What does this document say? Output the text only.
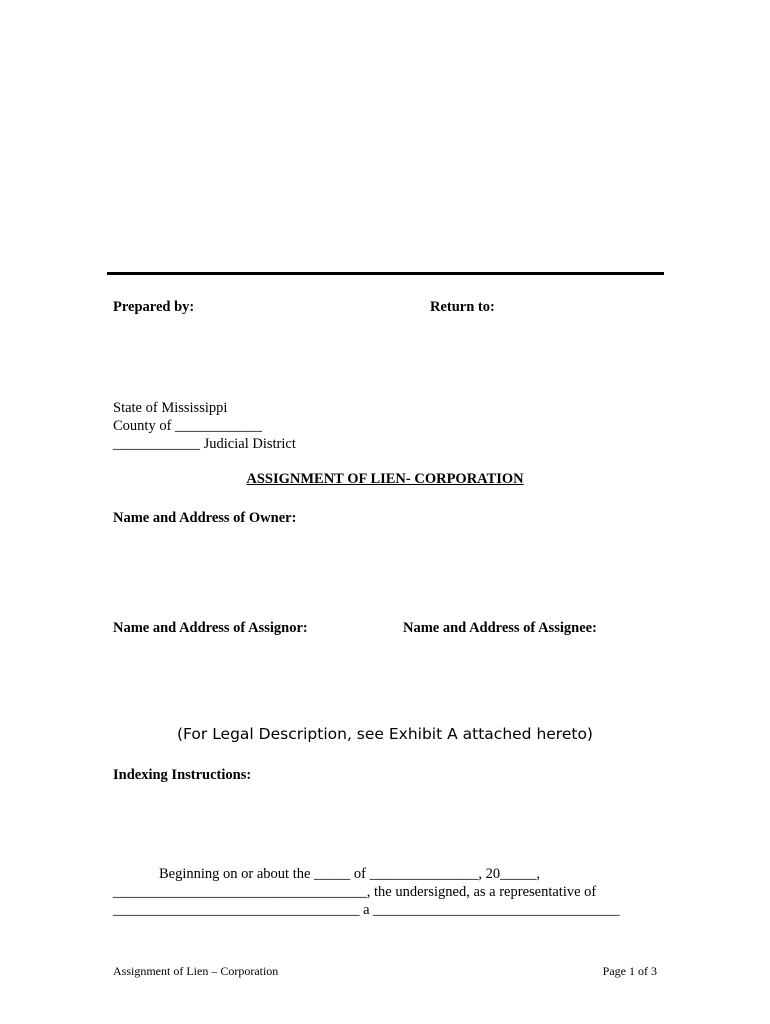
Prepared by:	Return to:
State of Mississippi
County of ____________
____________ Judicial District
ASSIGNMENT OF LIEN- CORPORATION
Name and Address of Owner:
Name and Address of Assignor:	Name and Address of Assignee:
(For Legal Description, see Exhibit A attached hereto)
Indexing Instructions:
Beginning on or about the _____ of _______________, 20_____,
___________________________________, the undersigned, as a representative of
__________________________________ a __________________________________
Assignment of Lien – Corporation	Page 1 of 3
